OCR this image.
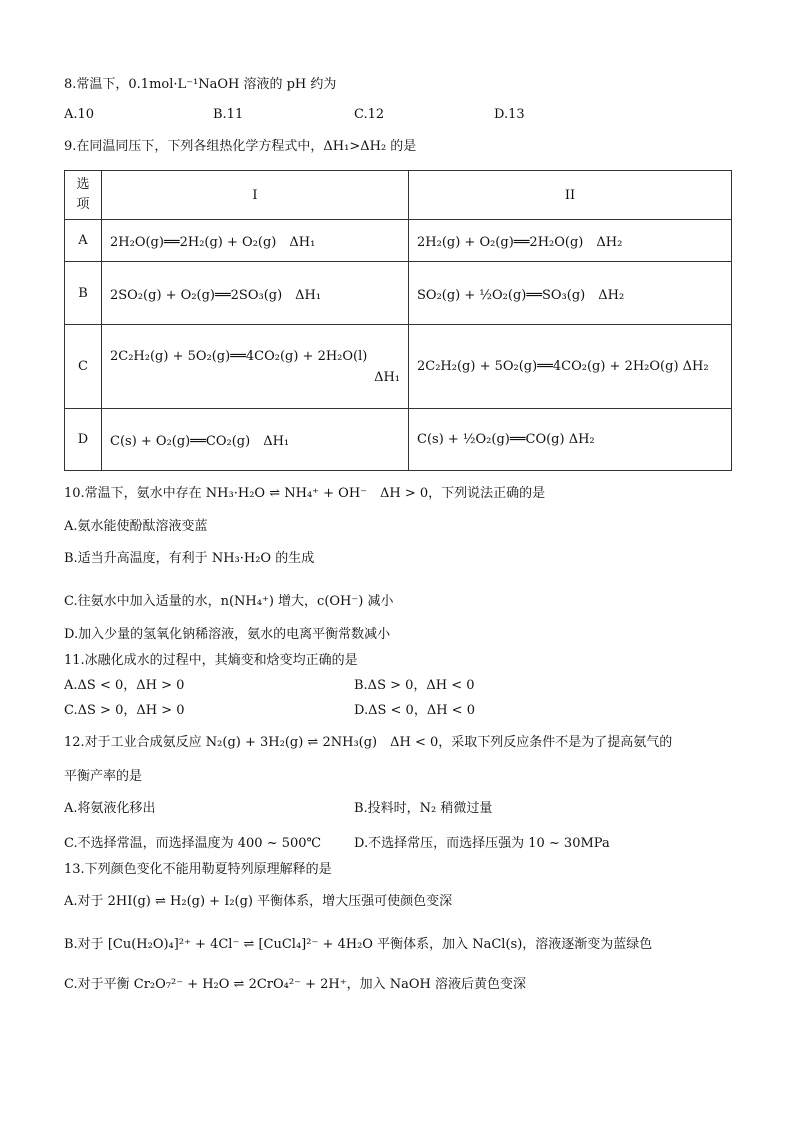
8.常温下，0.1mol·L⁻¹NaOH 溶液的 pH 约为
A.10	B.11	C.12	D.13
9.在同温同压下，下列各组热化学方程式中，ΔH₁>ΔH₂ 的是
选
项	I	II
A	2H₂O(g)══2H₂(g) + O₂(g)　ΔH₁	2H₂(g) + O₂(g)══2H₂O(g)　ΔH₂
B	2SO₂(g) + O₂(g)══2SO₃(g)　ΔH₁	SO₂(g) + ½O₂(g)══SO₃(g)　ΔH₂
C	2C₂H₂(g) + 5O₂(g)══4CO₂(g) + 2H₂O(l)
ΔH₁	2C₂H₂(g) + 5O₂(g)══4CO₂(g) + 2H₂O(g) ΔH₂
D	C(s) + O₂(g)══CO₂(g)　ΔH₁	C(s) + ½O₂(g)══CO(g) ΔH₂
10.常温下，氨水中存在 NH₃·H₂O ⇌ NH₄⁺ + OH⁻　ΔH > 0，下列说法正确的是
A.氨水能使酚酞溶液变蓝
B.适当升高温度，有利于 NH₃·H₂O 的生成
C.往氨水中加入适量的水，n(NH₄⁺) 增大，c(OH⁻) 减小
D.加入少量的氢氧化钠稀溶液，氨水的电离平衡常数减小
11.冰融化成水的过程中，其熵变和焓变均正确的是
A.ΔS < 0，ΔH > 0	B.ΔS > 0，ΔH < 0
C.ΔS > 0，ΔH > 0	D.ΔS < 0，ΔH < 0
12.对于工业合成氨反应 N₂(g) + 3H₂(g) ⇌ 2NH₃(g)　ΔH < 0，采取下列反应条件不是为了提高氨气的
平衡产率的是
A.将氨液化移出	B.投料时，N₂ 稍微过量
C.不选择常温，而选择温度为 400 ~ 500℃	D.不选择常压，而选择压强为 10 ~ 30MPa
13.下列颜色变化不能用勒夏特列原理解释的是
A.对于 2HI(g) ⇌ H₂(g) + I₂(g) 平衡体系，增大压强可使颜色变深
B.对于 [Cu(H₂O)₄]²⁺ + 4Cl⁻ ⇌ [CuCl₄]²⁻ + 4H₂O 平衡体系，加入 NaCl(s)，溶液逐渐变为蓝绿色
C.对于平衡 Cr₂O₇²⁻ + H₂O ⇌ 2CrO₄²⁻ + 2H⁺，加入 NaOH 溶液后黄色变深
